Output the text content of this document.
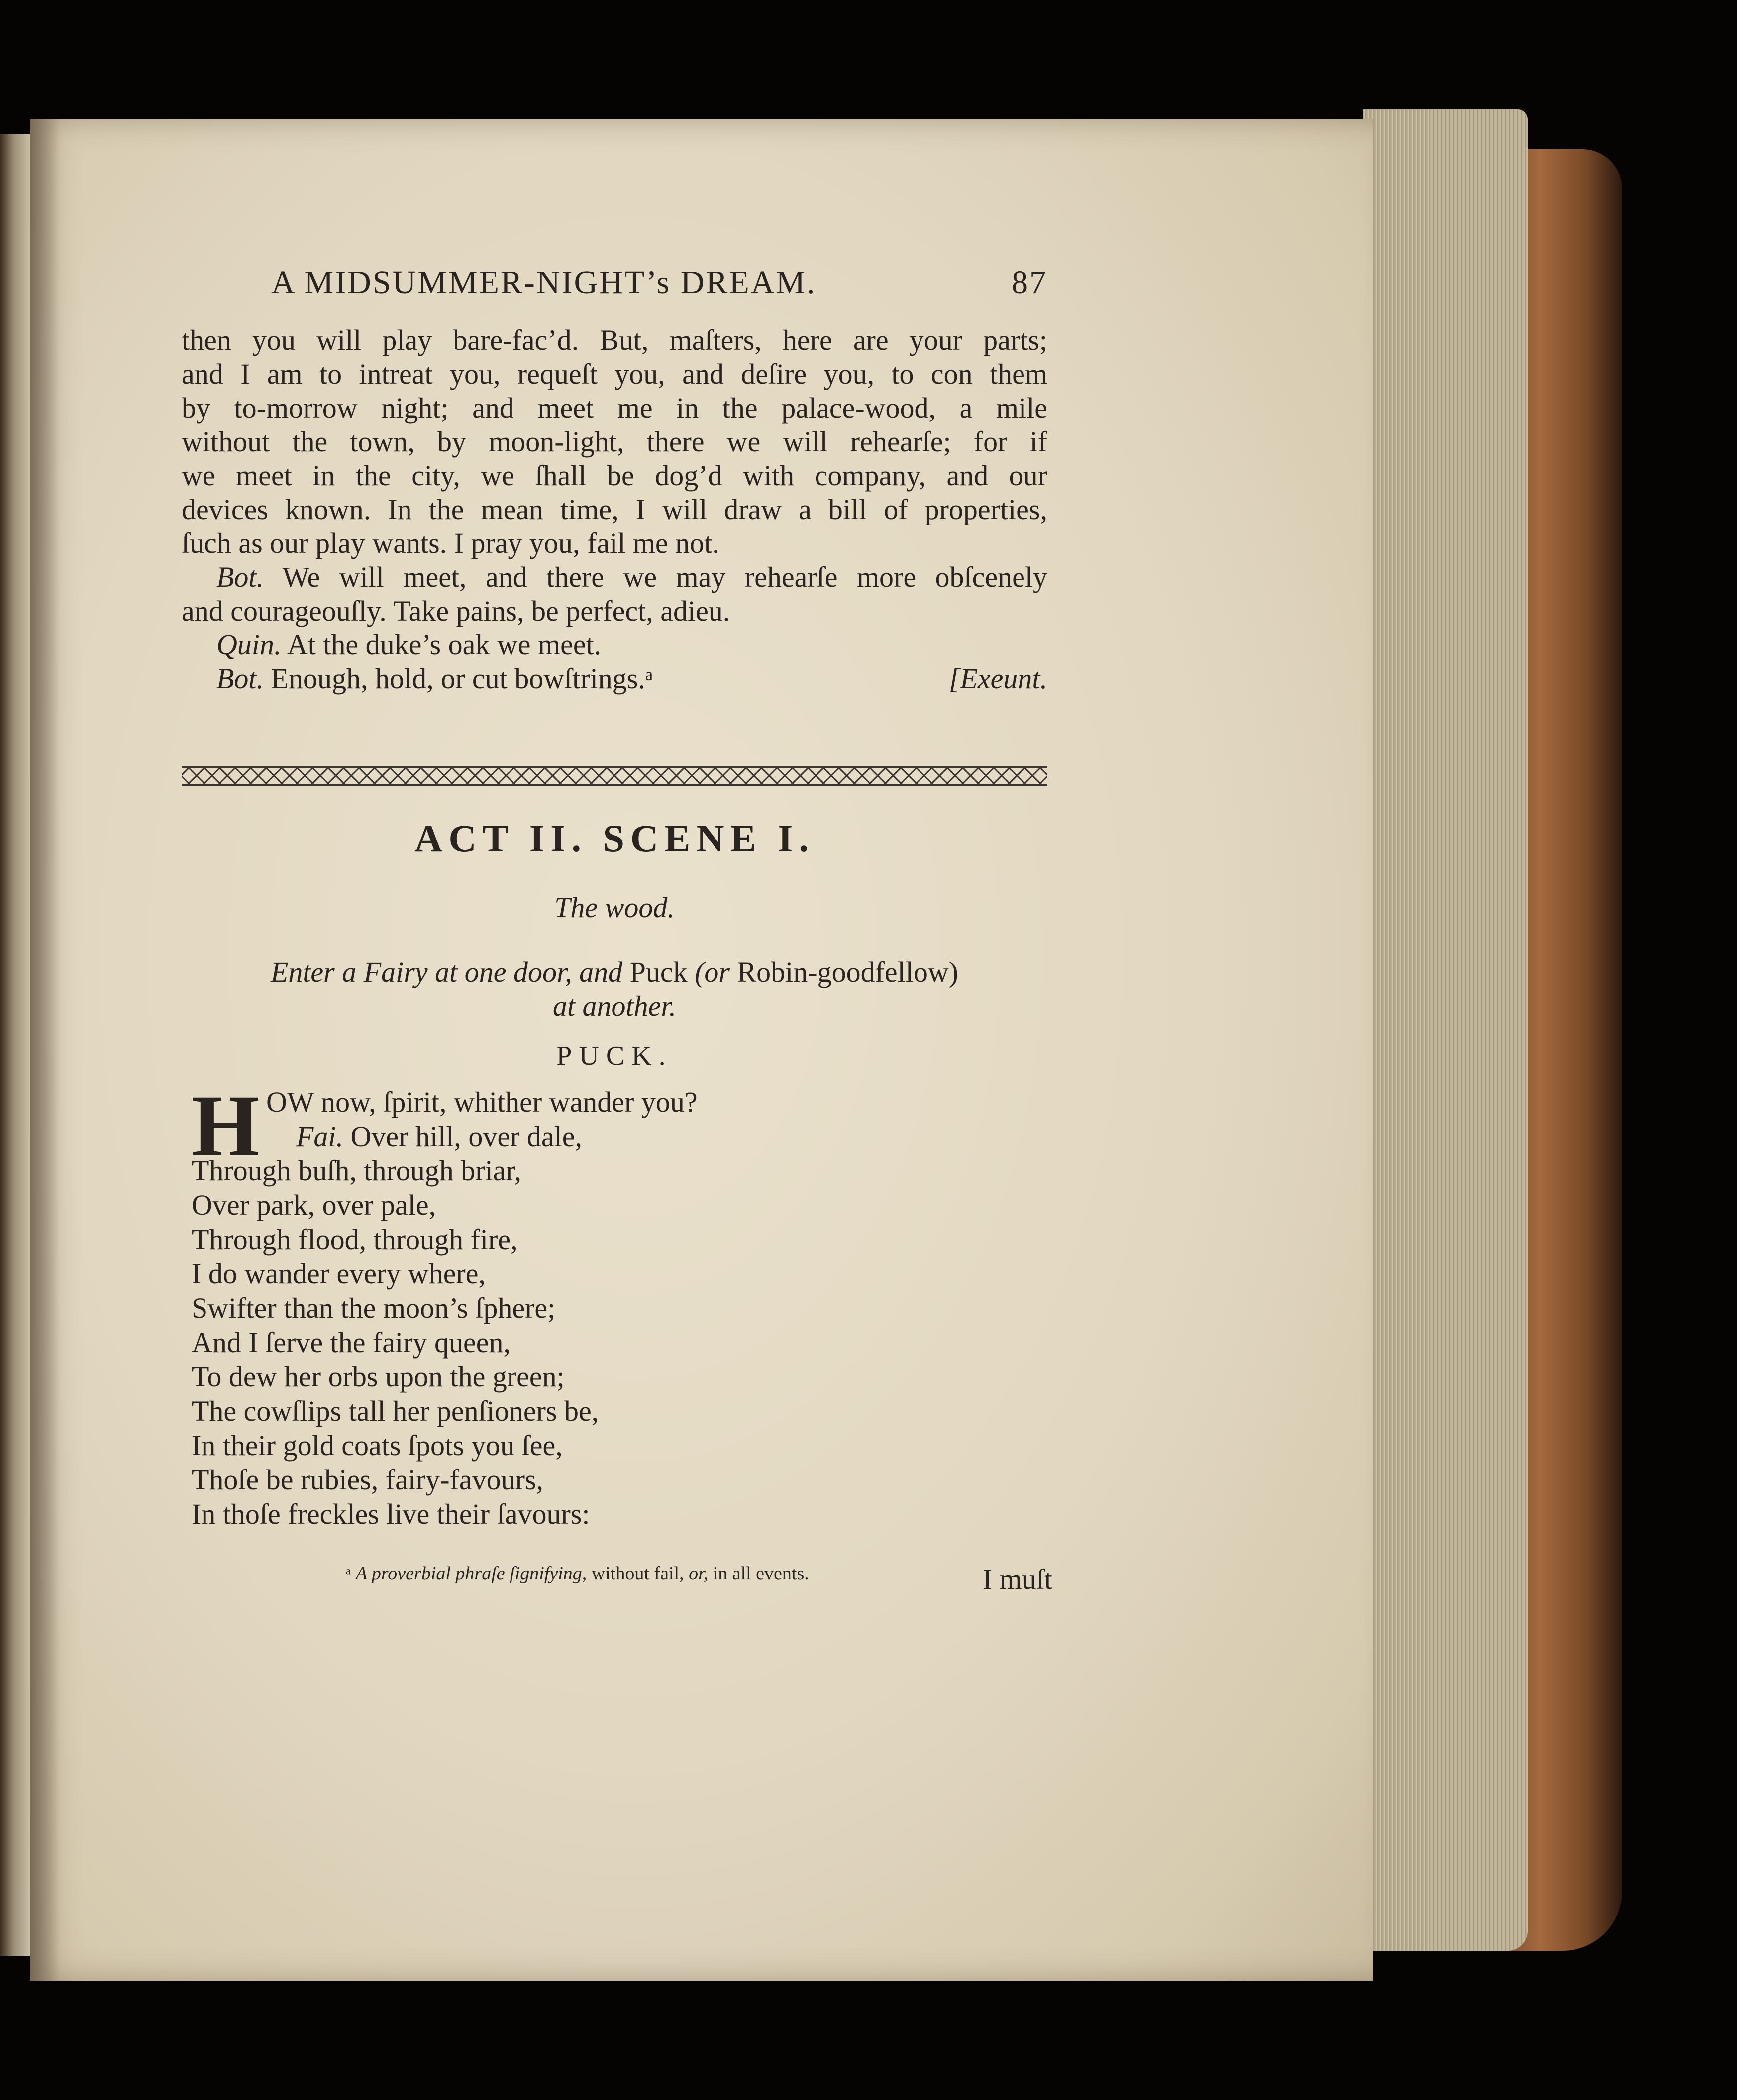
A MIDSUMMER-NIGHT’s DREAM.	87
then you will play bare-fac’d. But, maſters, here are your parts;
and I am to intreat you, requeſt you, and deſire you, to con them
by to-morrow night; and meet me in the palace-wood, a mile
without the town, by moon-light, there we will rehearſe; for if
we meet in the city, we ſhall be dog’d with company, and our
devices known. In the mean time, I will draw a bill of properties,
ſuch as our play wants. I pray you, fail me not.
Bot. We will meet, and there we may rehearſe more obſcenely
and courageouſly. Take pains, be perfect, adieu.
Quin. At the duke’s oak we meet.
Bot. Enough, hold, or cut bowſtrings.ᵃ	[Exeunt.
ACT II. SCENE I.
The wood.
Enter a Fairy at one door, and Puck (or Robin-goodfellow)
at another.
PUCK.
H OW now, ſpirit, whither wander you?
Fai. Over hill, over dale,
Through buſh, through briar,
Over park, over pale,
Through flood, through fire,
I do wander every where,
Swifter than the moon’s ſphere;
And I ſerve the fairy queen,
To dew her orbs upon the green;
The cowſlips tall her penſioners be,
In their gold coats ſpots you ſee,
Thoſe be rubies, fairy-favours,
In thoſe freckles live their ſavours:
ᵃ A proverbial phraſe ſignifying, without fail, or, in all events.	I muſt
